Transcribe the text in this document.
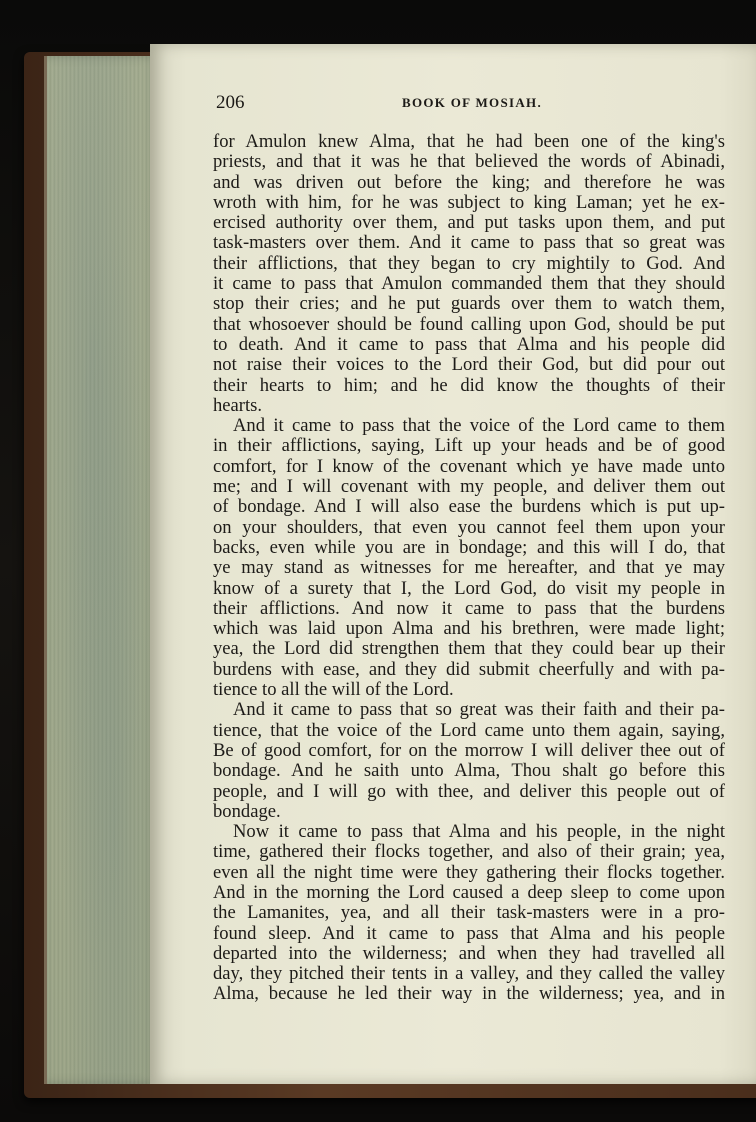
206	BOOK OF MOSIAH.
for Amulon knew Alma, that he had been one of the king's
priests, and that it was he that believed the words of Abinadi,
and was driven out before the king; and therefore he was
wroth with him, for he was subject to king Laman; yet he ex-
ercised authority over them, and put tasks upon them, and put
task-masters over them. And it came to pass that so great was
their afflictions, that they began to cry mightily to God. And
it came to pass that Amulon commanded them that they should
stop their cries; and he put guards over them to watch them,
that whosoever should be found calling upon God, should be put
to death. And it came to pass that Alma and his people did
not raise their voices to the Lord their God, but did pour out
their hearts to him; and he did know the thoughts of their
hearts.
And it came to pass that the voice of the Lord came to them
in their afflictions, saying, Lift up your heads and be of good
comfort, for I know of the covenant which ye have made unto
me; and I will covenant with my people, and deliver them out
of bondage. And I will also ease the burdens which is put up-
on your shoulders, that even you cannot feel them upon your
backs, even while you are in bondage; and this will I do, that
ye may stand as witnesses for me hereafter, and that ye may
know of a surety that I, the Lord God, do visit my people in
their afflictions. And now it came to pass that the burdens
which was laid upon Alma and his brethren, were made light;
yea, the Lord did strengthen them that they could bear up their
burdens with ease, and they did submit cheerfully and with pa-
tience to all the will of the Lord.
And it came to pass that so great was their faith and their pa-
tience, that the voice of the Lord came unto them again, saying,
Be of good comfort, for on the morrow I will deliver thee out of
bondage. And he saith unto Alma, Thou shalt go before this
people, and I will go with thee, and deliver this people out of
bondage.
Now it came to pass that Alma and his people, in the night
time, gathered their flocks together, and also of their grain; yea,
even all the night time were they gathering their flocks together.
And in the morning the Lord caused a deep sleep to come upon
the Lamanites, yea, and all their task-masters were in a pro-
found sleep. And it came to pass that Alma and his people
departed into the wilderness; and when they had travelled all
day, they pitched their tents in a valley, and they called the valley
Alma, because he led their way in the wilderness; yea, and in
